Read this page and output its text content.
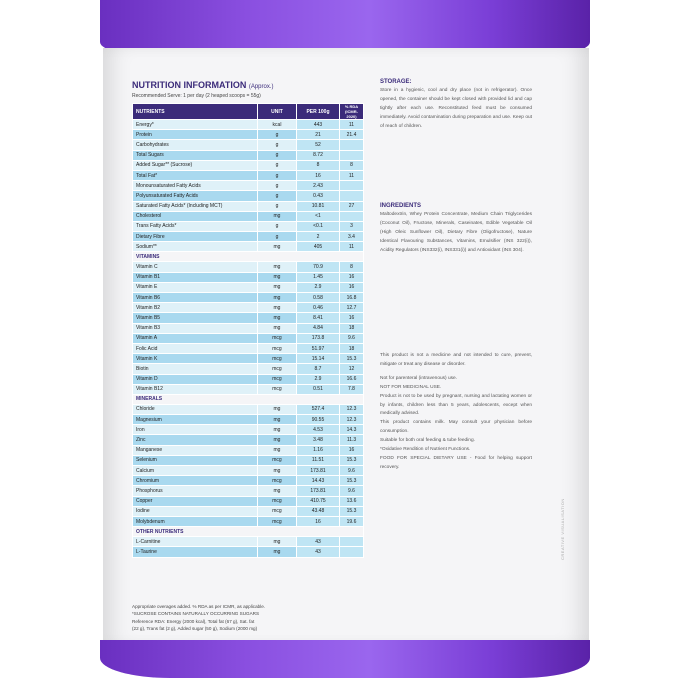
NUTRITION INFORMATION (Approx.)
Recommended Serve: 1 per day (2 heaped scoops = 55g)
NUTRIENTS	UNIT	PER 100g	% RDA (ICMR-2020)
Energy*	kcal	443	11
Protein	g	21	21.4
Carbohydrates	g	52	
Total Sugars	g	8.72	
Added Sugar** (Sucrose)	g	8	8
Total Fat*	g	16	11
Monounsaturated Fatty Acids	g	2.43	
Polyunsaturated Fatty Acids	g	0.43	
Saturated Fatty Acids* (Including MCT)	g	10.81	27
Cholesterol	mg	<1	
Trans Fatty Acids*	g	<0.1	3
Dietary Fibre	g	2	3.4
Sodium**	mg	405	11
VITAMINS			
Vitamin C	mg	70.9	8
Vitamin B1	mg	1.45	16
Vitamin E	mg	2.9	16
Vitamin B6	mg	0.58	16.8
Vitamin B2	mg	0.46	12.7
Vitamin B5	mg	8.41	16
Vitamin B3	mg	4.84	18
Vitamin A	mcg	173.8	9.6
Folic Acid	mcg	51.97	18
Vitamin K	mcg	15.14	15.3
Biotin	mcg	8.7	12
Vitamin D	mcg	2.9	16.6
Vitamin B12	mcg	0.51	7.8
MINERALS			
Chloride	mg	527.4	12.3
Magnesium	mg	90.55	12.3
Iron	mg	4.53	14.3
Zinc	mg	3.48	11.3
Manganese	mg	1.16	16
Selenium	mcg	11.51	15.3
Calcium	mg	173.81	9.6
Chromium	mcg	14.43	15.3
Phosphorus	mg	173.81	9.6
Copper	mcg	410.75	13.6
Iodine	mcg	43.48	15.3
Molybdenum	mcg	16	19.6
OTHER NUTRIENTS			
L-Carnitine	mg	43	
L-Taurine	mg	43	
Appropriate overages added. % RDA as per ICMR, as applicable.
*SUCROSE CONTAINS NATURALLY OCCURRING SUGARS
Reference RDA: Energy (2000 kcal), Total fat (67 g), Sat. fat
(22 g), Trans fat (2 g), Added sugar (50 g), Sodium (2000 mg)
STORAGE:
Store in a hygienic, cool and dry place (not in refrigerator). Once opened, the container should be kept closed with provided lid and cap tightly after each use. Reconstituted feed must be consumed immediately. Avoid contamination during preparation and use. Keep out of reach of children.
INGREDIENTS
Maltodextrin, Whey Protein Concentrate, Medium Chain Triglycerides (Coconut Oil), Fructose, Minerals, Caseinates, Edible Vegetable Oil (High Oleic Sunflower Oil), Dietary Fibre (Oligofructose), Nature Identical Flavouring Substances, Vitamins, Emulsifier (INS 322(i)), Acidity Regulators (INS332(i), INS331(i)) and Antioxidant (INS 304).
This product is not a medicine and not intended to cure, prevent, mitigate or treat any disease or disorder.
Not for parenteral (intravenous) use.
NOT FOR MEDICINAL USE.
Product is not to be used by pregnant, nursing and lactating women or by infants, children less than 5 years, adolescents, except when medically advised.
This product contains milk. May consult your physician before consumption.
Suitable for both oral feeding & tube feeding.
*Oxidative Rendition of Nutrient Functions.
FOOD FOR SPECIAL DIETARY USE - Food for helping support recovery.
CREATIVE VISUALISATION
